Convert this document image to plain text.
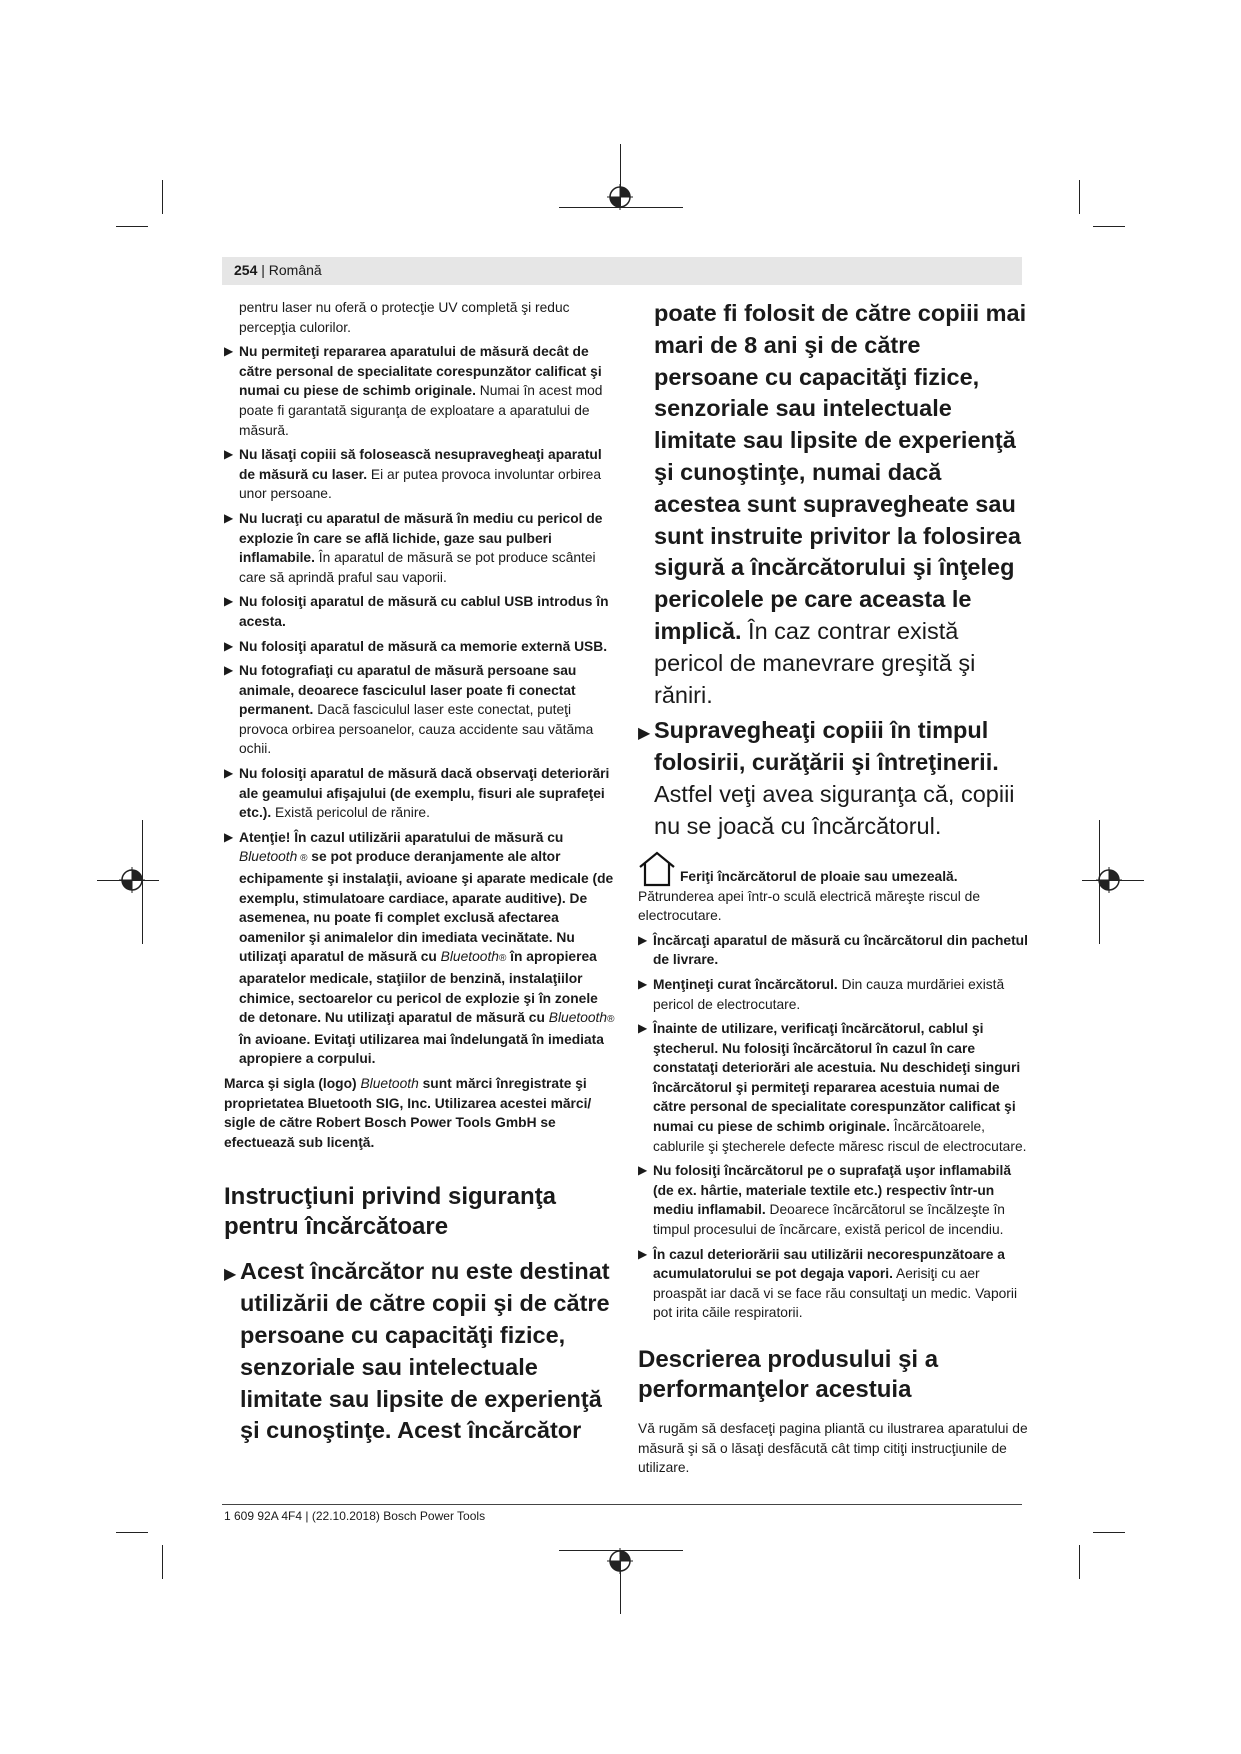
254 | Română

pentru laser nu oferă o protecţie UV completă şi reduc percepţia culorilor.

▶ Nu permiteţi repararea aparatului de măsură decât de către personal de specialitate corespunzător calificat şi numai cu piese de schimb originale. Numai în acest mod poate fi garantată siguranţa de exploatare a aparatului de măsură.
▶ Nu lăsaţi copiii să folosească nesupravegheaţi aparatul de măsură cu laser. Ei ar putea provoca involuntar orbirea unor persoane.
▶ Nu lucraţi cu aparatul de măsură în mediu cu pericol de explozie în care se află lichide, gaze sau pulberi inflamabile. În aparatul de măsură se pot produce scântei care să aprindă praful sau vaporii.
▶ Nu folosiţi aparatul de măsură cu cablul USB introdus în acesta.
▶ Nu folosiţi aparatul de măsură ca memorie externă USB.
▶ Nu fotografiaţi cu aparatul de măsură persoane sau animale, deoarece fasciculul laser poate fi conectat permanent. Dacă fasciculul laser este conectat, puteţi provoca orbirea persoanelor, cauza accidente sau vătăma ochii.
▶ Nu folosiţi aparatul de măsură dacă observaţi deteriorări ale geamului afişajului (de exemplu, fisuri ale suprafeţei etc.). Există pericolul de rănire.
▶ Atenţie! În cazul utilizării aparatului de măsură cu Bluetooth ® se pot produce deranjamente ale altor echipamente şi instalaţii, avioane şi aparate medicale (de exemplu, stimulatoare cardiace, aparate auditive). De asemenea, nu poate fi complet exclusă afectarea oamenilor şi animalelor din imediata vecinătate. Nu utilizaţi aparatul de măsură cu Bluetooth® în apropierea aparatelor medicale, staţiilor de benzină, instalaţiilor chimice, sectoarelor cu pericol de explozie şi în zonele de detonare. Nu utilizaţi aparatul de măsură cu Bluetooth® în avioane. Evitaţi utilizarea mai îndelungată în imediata apropiere a corpului.

Marca şi sigla (logo) Bluetooth sunt mărci înregistrate şi proprietatea Bluetooth SIG, Inc. Utilizarea acestei mărci/ sigle de către Robert Bosch Power Tools GmbH se efectuează sub licenţă.

Instrucţiuni privind siguranţa pentru încărcătoare
▶ Acest încărcător nu este destinat utilizării de către copii şi de către persoane cu capacităţi fizice, senzoriale sau intelectuale limitate sau lipsite de experienţă şi cunoştinţe. Acest încărcător

poate fi folosit de către copiii mai mari de 8 ani şi de către persoane cu capacităţi fizice, senzoriale sau intelectuale limitate sau lipsite de experienţă şi cunoştinţe, numai dacă acestea sunt supravegheate sau sunt instruite privitor la folosirea sigură a încărcătorului şi înţeleg pericolele pe care aceasta le implică. În caz contrar există pericol de manevrare greşită şi răniri.

▶ Supravegheaţi copiii în timpul folosirii, curăţării şi întreţinerii. Astfel veţi avea siguranţa că, copiii nu se joacă cu încărcătorul.
Feriţi încărcătorul de ploaie sau umezeală.

Pătrunderea apei într-o sculă electrică măreşte riscul de electrocutare.

▶ Încărcaţi aparatul de măsură cu încărcătorul din pachetul de livrare.
▶ Menţineţi curat încărcătorul. Din cauza murdăriei există pericol de electrocutare.
▶ Înainte de utilizare, verificaţi încărcătorul, cablul şi ştecherul. Nu folosiţi încărcătorul în cazul în care constataţi deteriorări ale acestuia. Nu deschideţi singuri încărcătorul şi permiteţi repararea acestuia numai de către personal de specialitate corespunzător calificat şi numai cu piese de schimb originale. Încărcătoarele, cablurile şi ştecherele defecte măresc riscul de electrocutare.
▶ Nu folosiţi încărcătorul pe o suprafaţă uşor inflamabilă (de ex. hârtie, materiale textile etc.) respectiv într-un mediu inflamabil. Deoarece încărcătorul se încălzeşte în timpul procesului de încărcare, există pericol de incendiu.
▶ În cazul deteriorării sau utilizării necorespunzătoare a acumulatorului se pot degaja vapori. Aerisiţi cu aer proaspăt iar dacă vi se face rău consultaţi un medic. Vaporii pot irita căile respiratorii.
Descrierea produsului şi a performanţelor acestuia

Vă rugăm să desfaceţi pagina pliantă cu ilustrarea aparatului de măsură şi să o lăsaţi desfăcută cât timp citiţi instrucţiunile de utilizare.

1 609 92A 4F4 | (22.10.2018) Bosch Power Tools
